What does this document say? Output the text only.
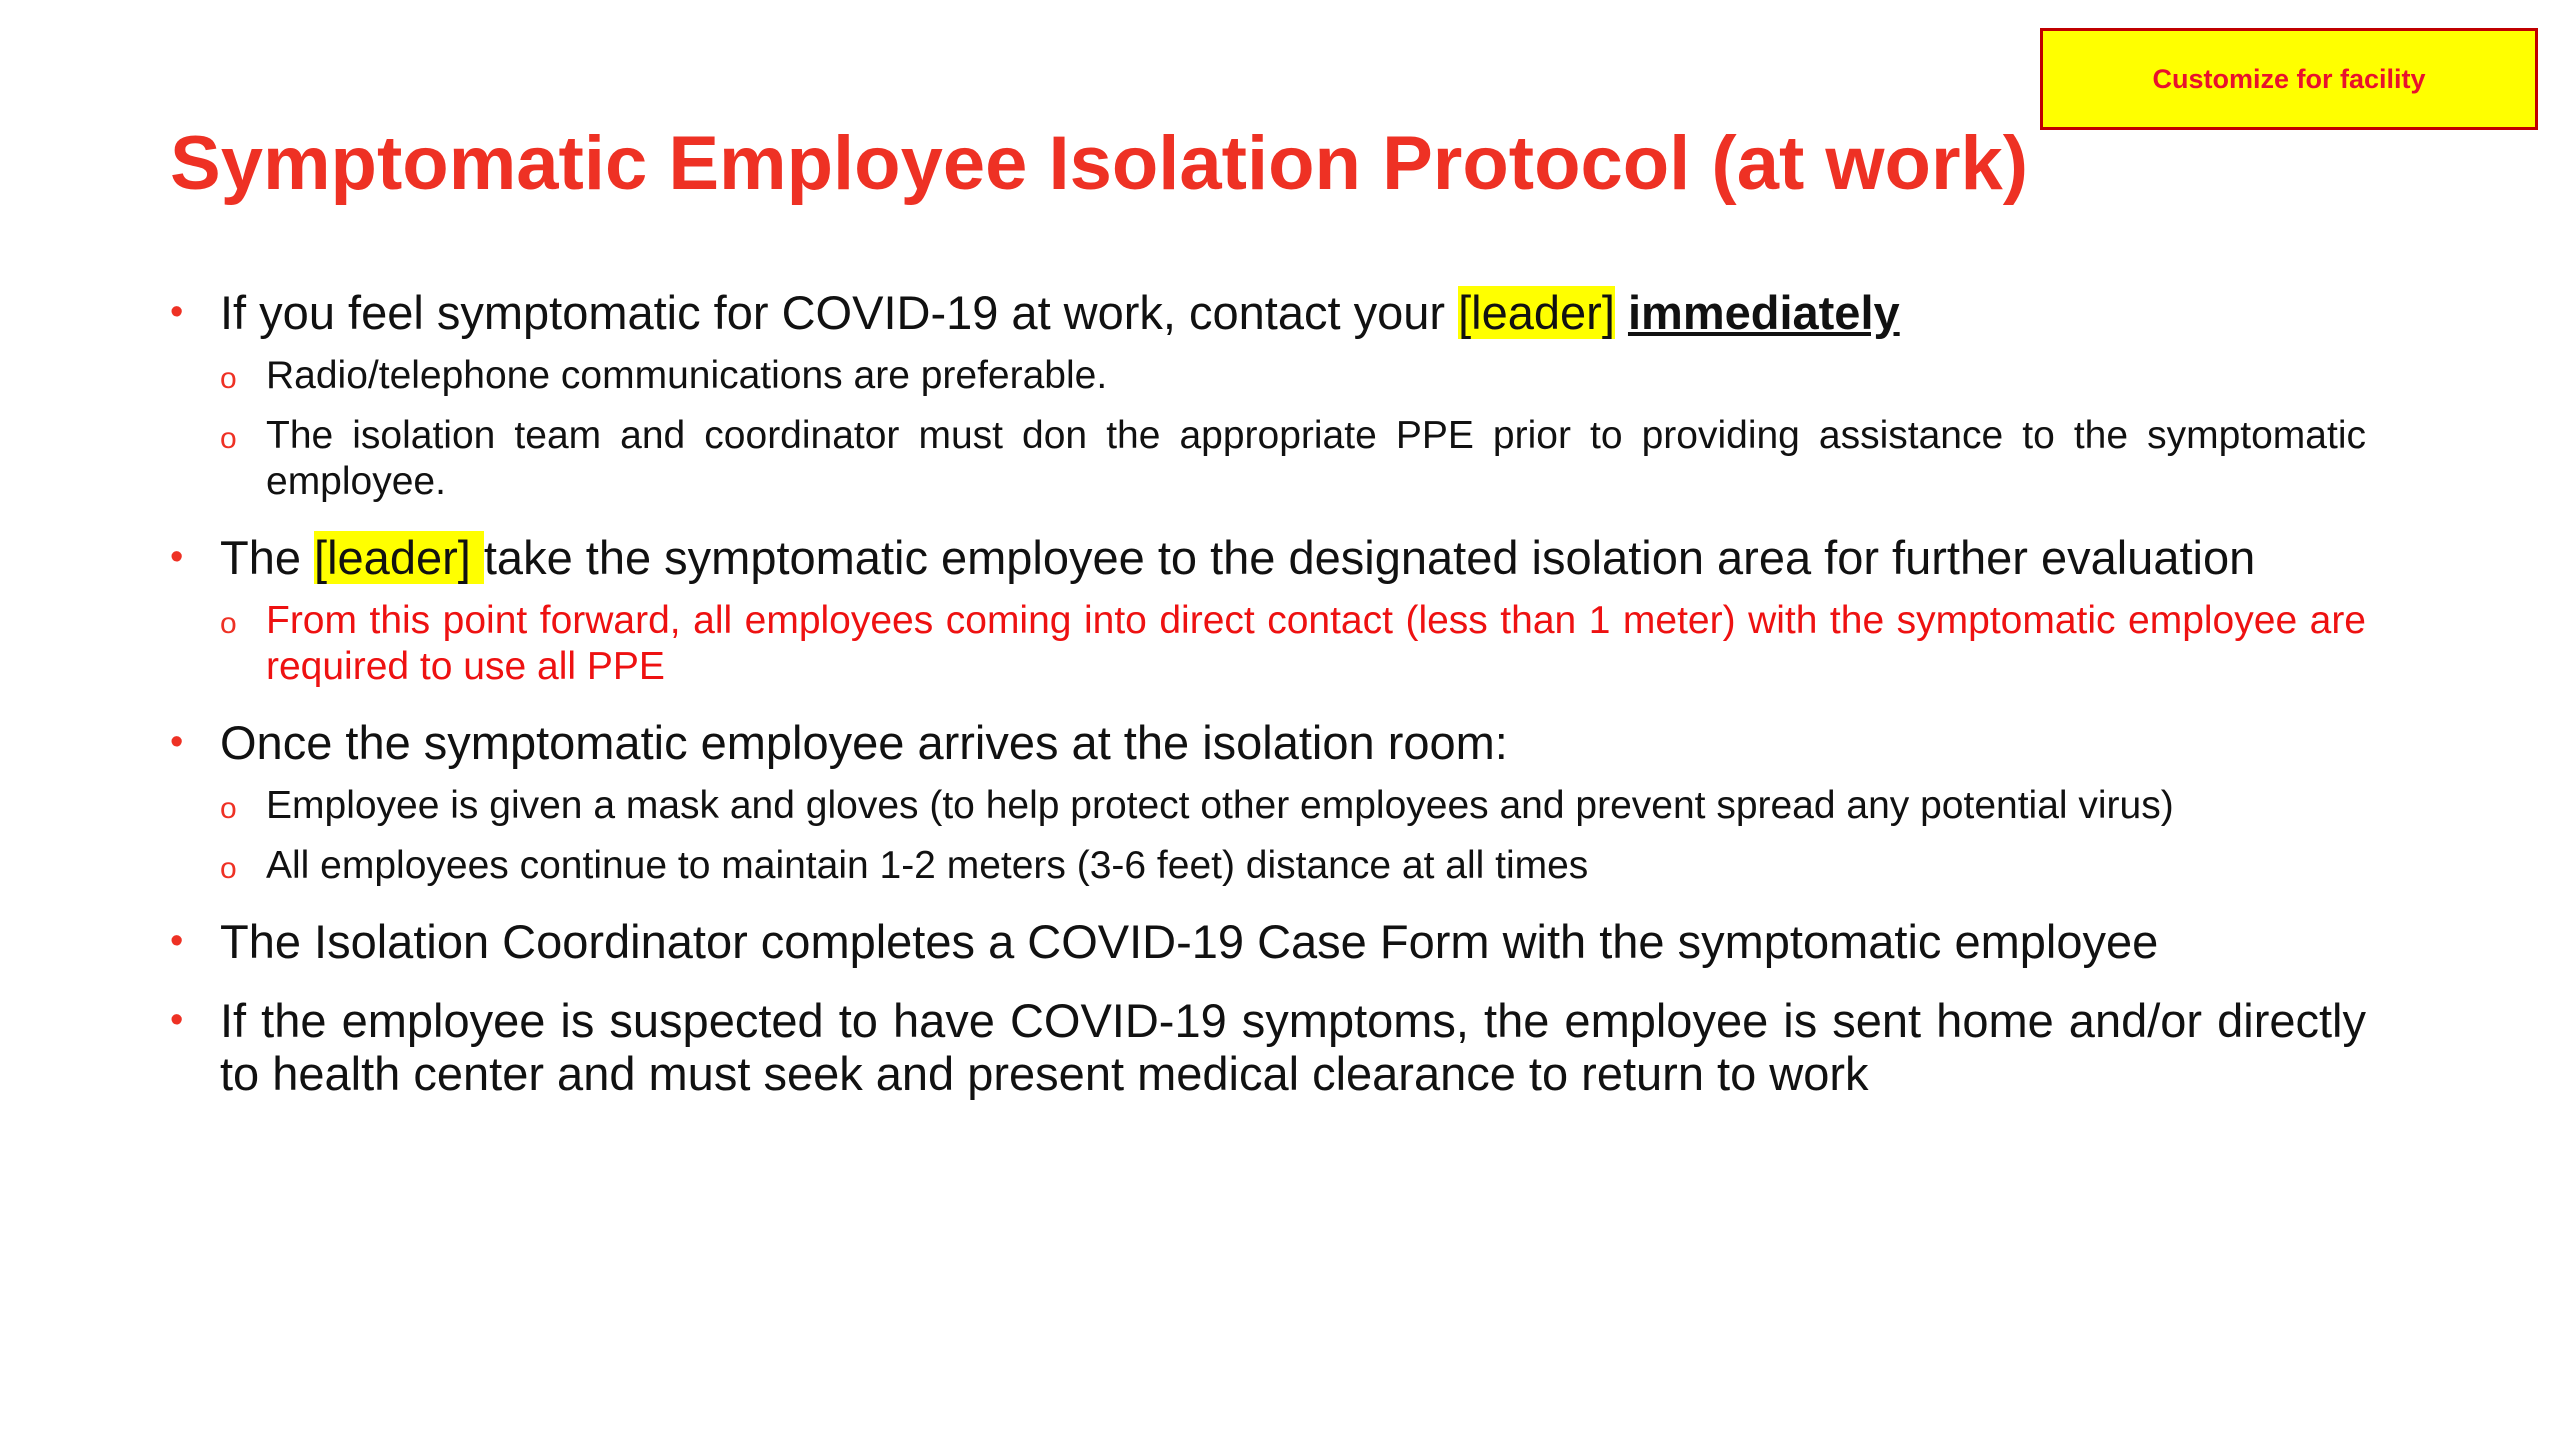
Customize for facility
Symptomatic Employee Isolation Protocol (at work)
• If you feel symptomatic for COVID-19 at work, contact your [leader] immediately
o Radio/telephone communications are preferable.
o The isolation team and coordinator must don the appropriate PPE prior to providing assistance to the symptomatic employee.
• The [leader] take the symptomatic employee to the designated isolation area for further evaluation
o From this point forward, all employees coming into direct contact (less than 1 meter) with the symptomatic employee are required to use all PPE
• Once the symptomatic employee arrives at the isolation room:
o Employee is given a mask and gloves (to help protect other employees and prevent spread any potential virus)
o All employees continue to maintain 1-2 meters (3-6 feet) distance at all times
• The Isolation Coordinator completes a COVID-19 Case Form with the symptomatic employee
• If the employee is suspected to have COVID-19 symptoms, the employee is sent home and/or directly to health center and must seek and present medical clearance to return to work
